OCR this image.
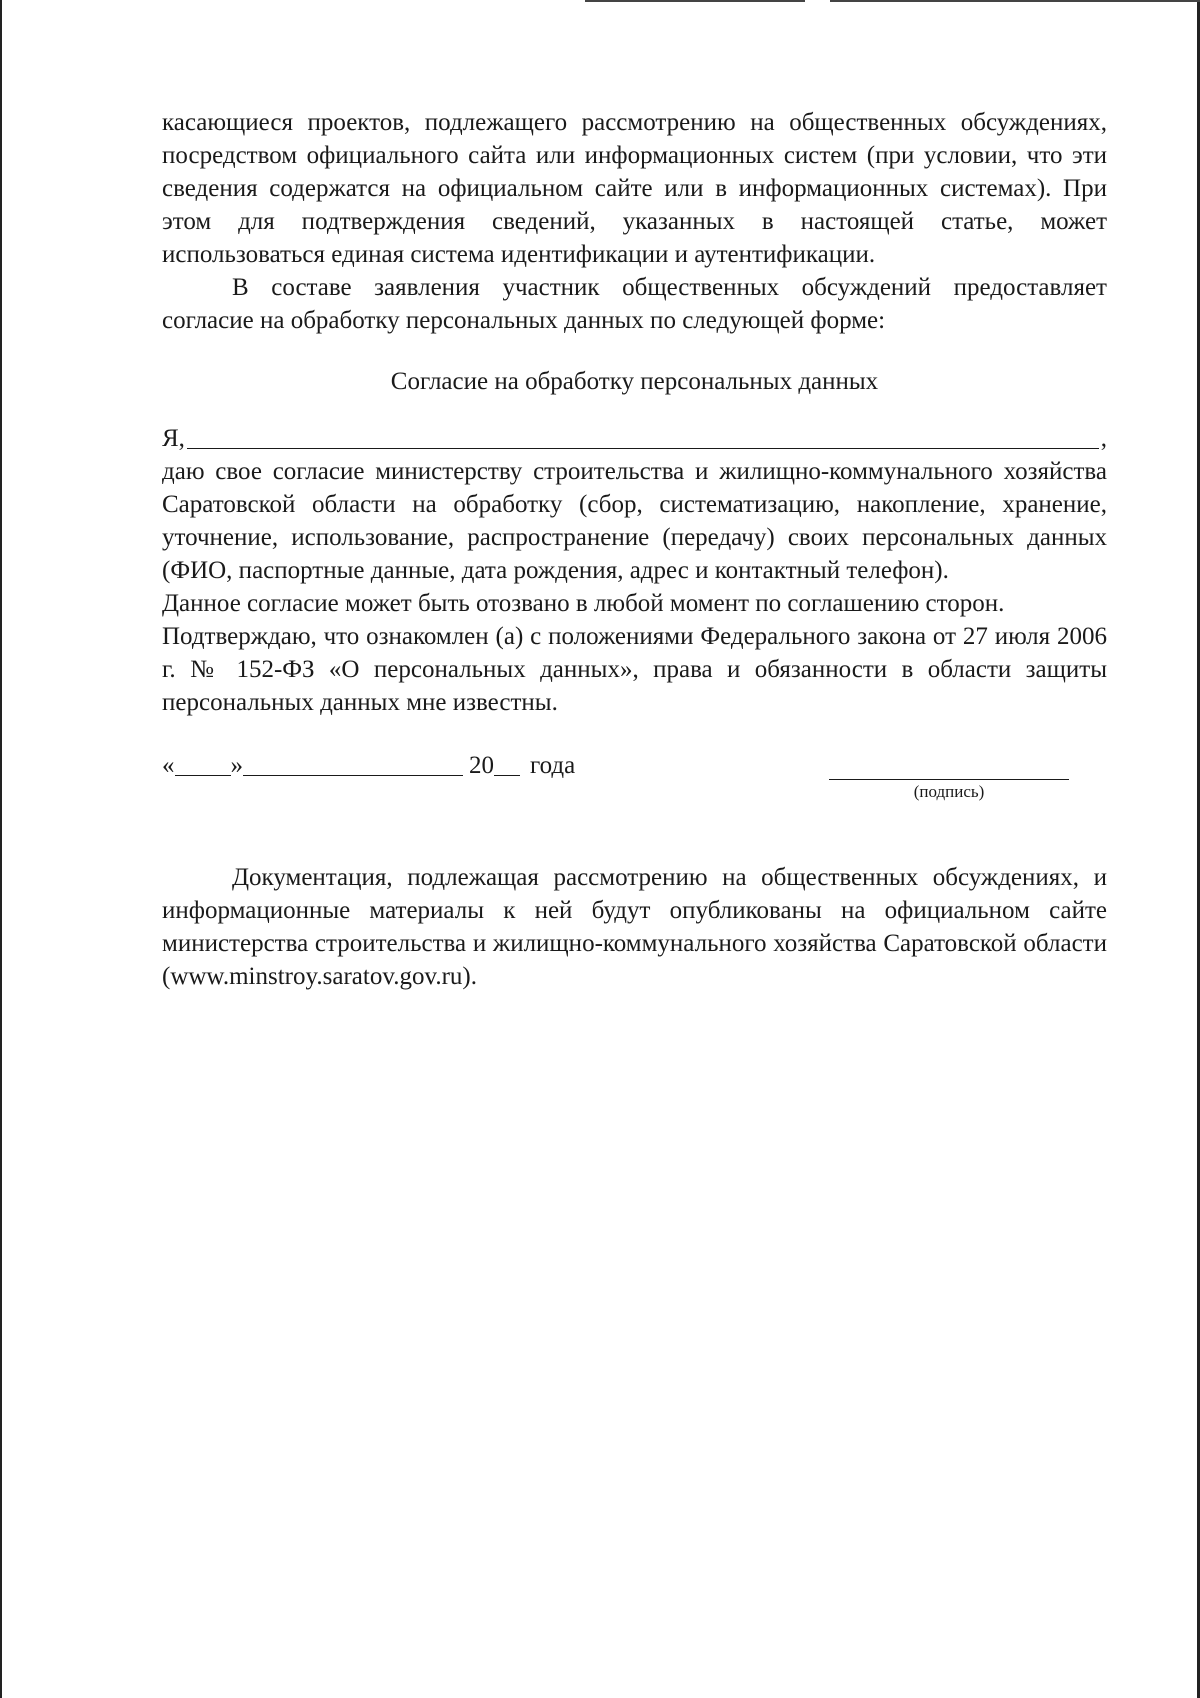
касающиеся проектов, подлежащего рассмотрению на общественных обсуждениях, посредством официального сайта или информационных систем (при условии, что эти сведения содержатся на официальном сайте или в информационных системах). При этом для подтверждения сведений, указанных в настоящей статье, может использоваться единая система идентификации и аутентификации.

В составе заявления участник общественных обсуждений предоставляет согласие на обработку персональных данных по следующей форме:

Согласие на обработку персональных данных
Я,	,

даю свое согласие министерству строительства и жилищно-коммунального хозяйства Саратовской области на обработку (сбор, систематизацию, накопление, хранение, уточнение, использование, распространение (передачу) своих персональных данных (ФИО, паспортные данные, дата рождения, адрес и контактный телефон).

Данное согласие может быть отозвано в любой момент по соглашению сторон.

Подтверждаю, что ознакомлен (а) с положениями Федерального закона от 27 июля 2006 г. № 152-ФЗ «О персональных данных», права и обязанности в области защиты персональных данных мне известны.

« »	20 года
(подпись)

Документация, подлежащая рассмотрению на общественных обсуждениях, и информационные материалы к ней будут опубликованы на официальном сайте министерства строительства и жилищно-коммунального хозяйства Саратовской области (www.minstroy.saratov.gov.ru).
